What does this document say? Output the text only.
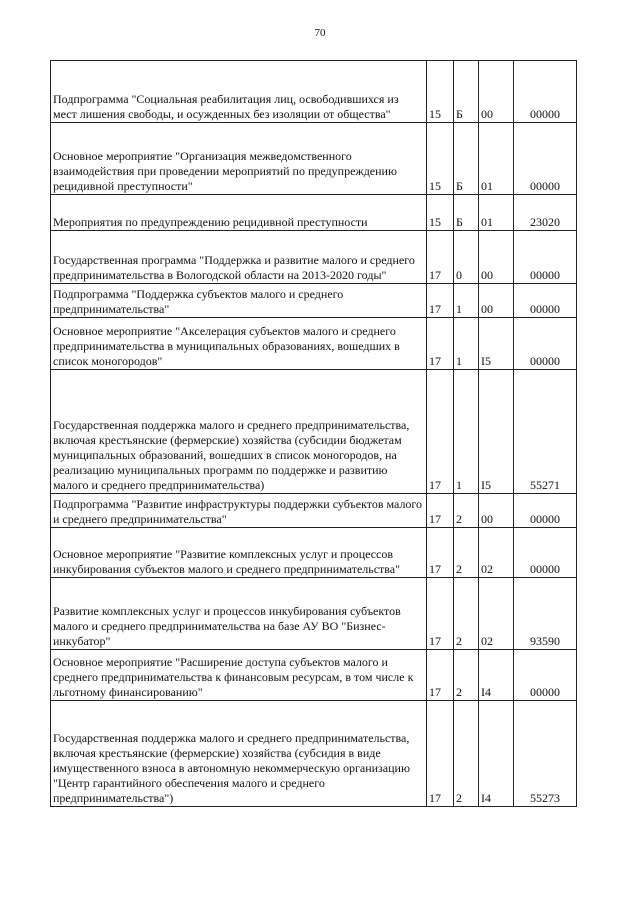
70
Подпрограмма "Социальная реабилитация лиц, освободившихся из мест лишения свободы, и осужденных без изоляции от общества"	15	Б	00	00000
Основное мероприятие "Организация межведомственного взаимодействия при проведении мероприятий по предупреждению рецидивной преступности"	15	Б	01	00000
Мероприятия по предупреждению рецидивной преступности	15	Б	01	23020
Государственная программа "Поддержка и развитие малого и среднего предпринимательства в Вологодской области на 2013-2020 годы"	17	0	00	00000
Подпрограмма "Поддержка субъектов малого и среднего предпринимательства"	17	1	00	00000
Основное мероприятие "Акселерация субъектов малого и среднего предпринимательства в муниципальных образованиях, вошедших в список моногородов"	17	1	I5	00000
Государственная поддержка малого и среднего предпринимательства, включая крестьянские (фермерские) хозяйства (субсидии бюджетам муниципальных образований, вошедших в список моногородов, на реализацию муниципальных программ по поддержке и развитию малого и среднего предпринимательства)	17	1	I5	55271
Подпрограмма "Развитие инфраструктуры поддержки субъектов малого и среднего предпринимательства"	17	2	00	00000
Основное мероприятие "Развитие комплексных услуг и процессов инкубирования субъектов малого и среднего предпринимательства"	17	2	02	00000
Развитие комплексных услуг и процессов инкубирования субъектов малого и среднего предпринимательства на базе АУ ВО "Бизнес-инкубатор"	17	2	02	93590
Основное мероприятие "Расширение доступа субъектов малого и среднего предпринимательства к финансовым ресурсам, в том числе к льготному финансированию"	17	2	I4	00000
Государственная поддержка малого и среднего предпринимательства, включая крестьянские (фермерские) хозяйства (субсидия в виде имущественного взноса в автономную некоммерческую организацию "Центр гарантийного обеспечения малого и среднего предпринимательства")	17	2	I4	55273
